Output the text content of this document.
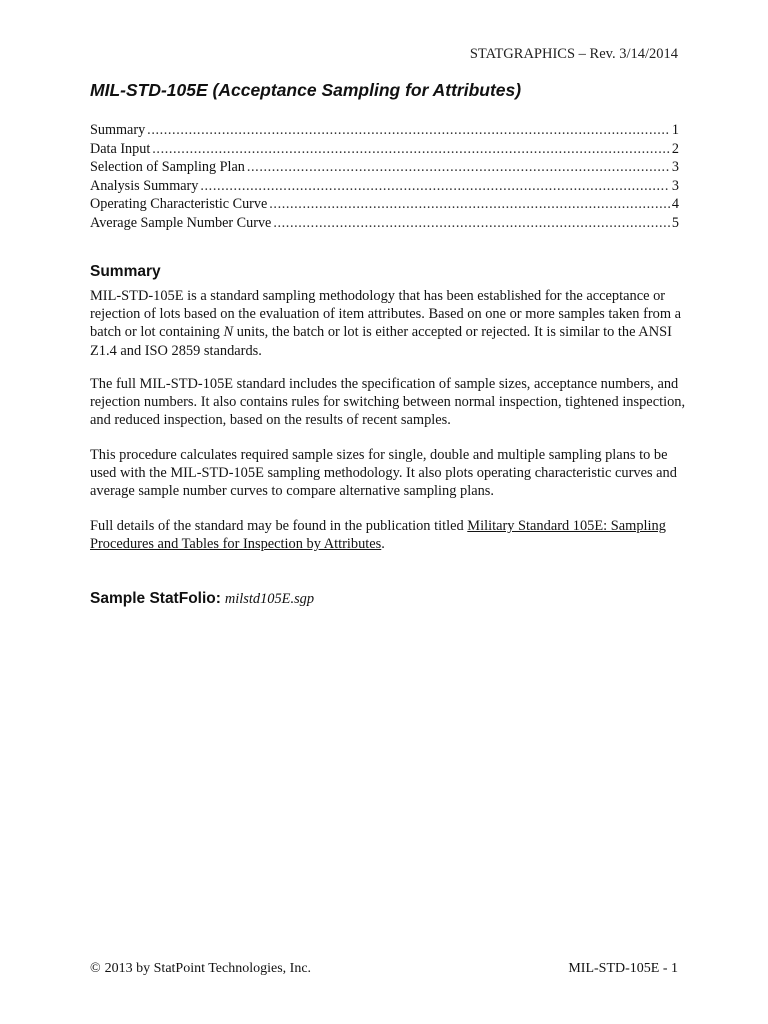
STATGRAPHICS – Rev. 3/14/2014
MIL-STD-105E (Acceptance Sampling for Attributes)
Summary .....	1
Data Input .....	2
Selection of Sampling Plan .....	3
Analysis Summary .....	3
Operating Characteristic Curve .....	4
Average Sample Number Curve .....	5
Summary

MIL-STD-105E is a standard sampling methodology that has been established for the acceptance or rejection of lots based on the evaluation of item attributes. Based on one or more samples taken from a batch or lot containing N units, the batch or lot is either accepted or rejected. It is similar to the ANSI Z1.4 and ISO 2859 standards.

The full MIL-STD-105E standard includes the specification of sample sizes, acceptance numbers, and rejection numbers. It also contains rules for switching between normal inspection, tightened inspection, and reduced inspection, based on the results of recent samples.

This procedure calculates required sample sizes for single, double and multiple sampling plans to be used with the MIL-STD-105E sampling methodology. It also plots operating characteristic curves and average sample number curves to compare alternative sampling plans.

Full details of the standard may be found in the publication titled Military Standard 105E: Sampling Procedures and Tables for Inspection by Attributes.

Sample StatFolio: milstd105E.sgp

© 2013 by StatPoint Technologies, Inc.	MIL-STD-105E - 1
